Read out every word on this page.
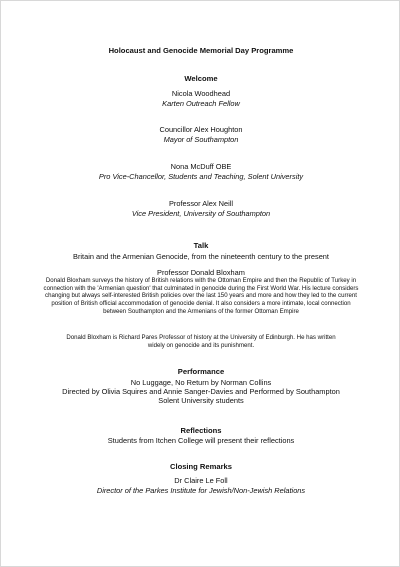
Holocaust and Genocide Memorial Day Programme
Welcome
Nicola Woodhead
Karten Outreach Fellow
Councillor Alex Houghton
Mayor of Southampton
Nona McDuff OBE
Pro Vice-Chancellor, Students and Teaching, Solent University
Professor Alex Neill
Vice President, University of Southampton
Talk
Britain and the Armenian Genocide, from the nineteenth century to the present
Professor Donald Bloxham
Donald Bloxham surveys the history of British relations with the Ottoman Empire and then the Republic of Turkey in connection with the 'Armenian question' that culminated in genocide during the First World War. His lecture considers changing but always self-interested British policies over the last 150 years and more and how they led to the current position of British official accommodation of genocide denial. It also considers a more intimate, local connection between Southampton and the Armenians of the former Ottoman Empire
Donald Bloxham is Richard Pares Professor of history at the University of Edinburgh. He has written widely on genocide and its punishment.
Performance
No Luggage, No Return by Norman Collins
Directed by Olivia Squires and Annie Sanger-Davies and Performed by Southampton Solent University students
Reflections
Students from Itchen College will present their reflections
Closing Remarks
Dr Claire Le Foll
Director of the Parkes Institute for Jewish/Non-Jewish Relations
